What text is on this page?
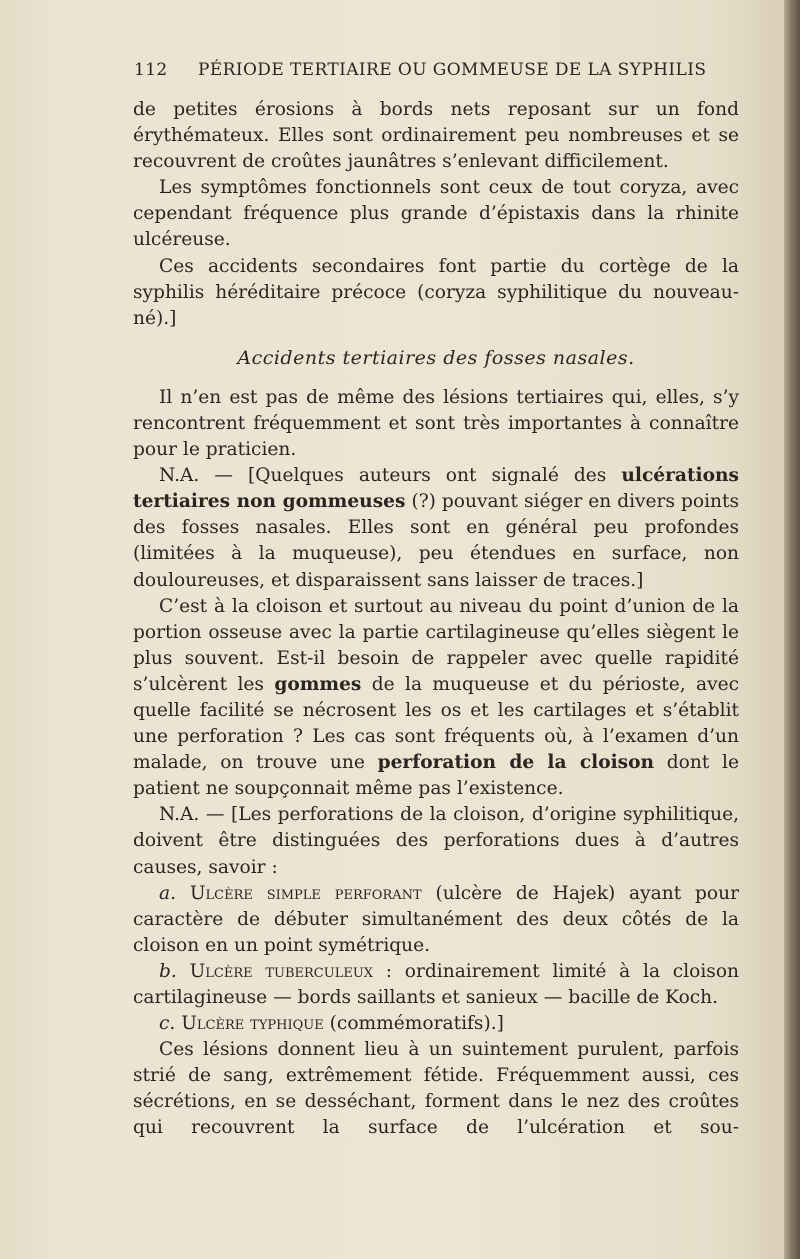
112 PÉRIODE TERTIAIRE OU GOMMEUSE DE LA SYPHILIS

de petites érosions à bords nets reposant sur un fond érythémateux. Elles sont ordinairement peu nombreuses et se recouvrent de croûtes jaunâtres s’enlevant difficilement.

Les symptômes fonctionnels sont ceux de tout coryza, avec cependant fréquence plus grande d’épistaxis dans la rhinite ulcéreuse.

Ces accidents secondaires font partie du cortège de la syphilis héréditaire précoce (coryza syphilitique du nouveau-né).]

Accidents tertiaires des fosses nasales.

Il n’en est pas de même des lésions tertiaires qui, elles, s’y rencontrent fréquemment et sont très importantes à connaître pour le praticien.

N.A. — [Quelques auteurs ont signalé des ulcérations tertiaires non gommeuses (?) pouvant siéger en divers points des fosses nasales. Elles sont en général peu profondes (limitées à la muqueuse), peu étendues en surface, non douloureuses, et disparaissent sans laisser de traces.]

C’est à la cloison et surtout au niveau du point d’union de la portion osseuse avec la partie cartilagineuse qu’elles siègent le plus souvent. Est-il besoin de rappeler avec quelle rapidité s’ulcèrent les gommes de la muqueuse et du périoste, avec quelle facilité se nécrosent les os et les cartilages et s’établit une perforation ? Les cas sont fréquents où, à l’examen d’un malade, on trouve une perforation de la cloison dont le patient ne soupçonnait même pas l’existence.

N.A. — [Les perforations de la cloison, d’origine syphilitique, doivent être distinguées des perforations dues à d’autres causes, savoir :

a. Ulcère simple perforant (ulcère de Hajek) ayant pour caractère de débuter simultanément des deux côtés de la cloison en un point symétrique.

b. Ulcère tuberculeux : ordinairement limité à la cloison cartilagineuse — bords saillants et sanieux — bacille de Koch.

c. Ulcère typhique (commémoratifs).]

Ces lésions donnent lieu à un suintement purulent, parfois strié de sang, extrêmement fétide. Fréquemment aussi, ces sécrétions, en se desséchant, forment dans le nez des croûtes qui recouvrent la surface de l’ulcération et sou-
